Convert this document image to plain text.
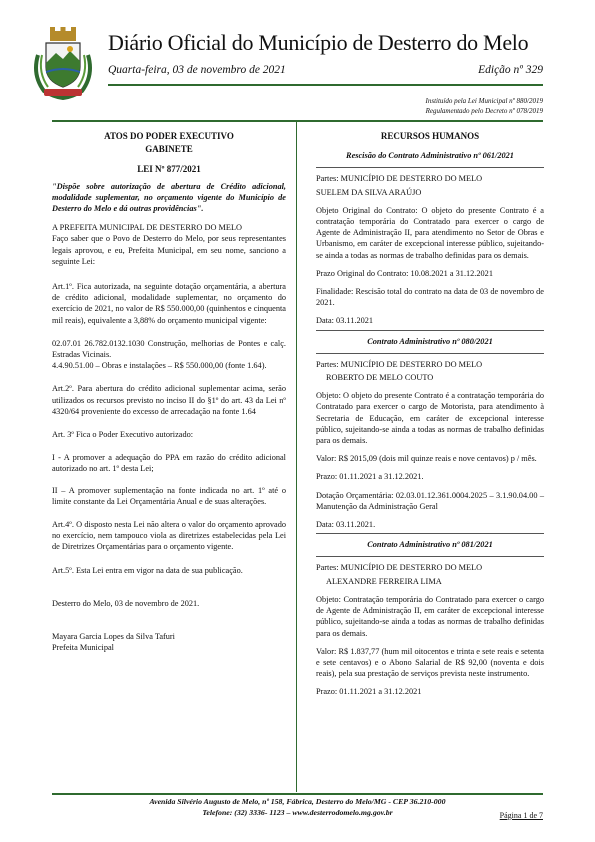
Diário Oficial do Município de Desterro do Melo
Quarta-feira, 03 de novembro de 2021	Edição nº 329
Instituído pela Lei Municipal nº 880/2019
Regulamentado pelo Decreto nº 078/2019
ATOS DO PODER EXECUTIVO
GABINETE
LEI Nº 877/2021

"Dispõe sobre autorização de abertura de Crédito adicional, modalidade suplementar, no orçamento vigente do Município de Desterro do Melo e dá outras providências".

A PREFEITA MUNICIPAL DE DESTERRO DO MELO

Faço saber que o Povo de Desterro do Melo, por seus representantes legais aprovou, e eu, Prefeita Municipal, em seu nome, sanciono a seguinte Lei:

Art.1º. Fica autorizada, na seguinte dotação orçamentária, a abertura de crédito adicional, modalidade suplementar, no orçamento do exercício de 2021, no valor de R$ 550.000,00 (quinhentos e cinquenta mil reais), equivalente a 3,88% do orçamento municipal vigente:

02.07.01 26.782.0132.1030 Construção, melhorias de Pontes e calç. Estradas Vicinais.

4.4.90.51.00 – Obras e instalações – R$ 550.000,00 (fonte 1.64).

Art.2º. Para abertura do crédito adicional suplementar acima, serão utilizados os recursos previsto no inciso II do §1º do art. 43 da Lei nº 4320/64 proveniente do excesso de arrecadação na fonte 1.64

Art. 3º Fica o Poder Executivo autorizado:

I - A promover a adequação do PPA em razão do crédito adicional autorizado no art. 1º desta Lei;

II – A promover suplementação na fonte indicada no art. 1º até o limite constante da Lei Orçamentária Anual e de suas alterações.

Art.4º. O disposto nesta Lei não altera o valor do orçamento aprovado no exercício, nem tampouco viola as diretrizes estabelecidas pela Lei de Diretrizes Orçamentárias para o orçamento vigente.

Art.5º. Esta Lei entra em vigor na data de sua publicação.

Desterro do Melo, 03 de novembro de 2021.

Mayara Garcia Lopes da Silva Tafuri

Prefeita Municipal

RECURSOS HUMANOS
Rescisão do Contrato Administrativo nº 061/2021

Partes: MUNICÍPIO DE DESTERRO DO MELO

SUELEM DA SILVA ARAÚJO

Objeto Original do Contrato: O objeto do presente Contrato é a contratação temporária do Contratado para exercer o cargo de Agente de Administração II, para atendimento no Setor de Obras e Urbanismo, em caráter de excepcional interesse público, sujeitando-se ainda a todas as normas de trabalho definidas para os demais.

Prazo Original do Contrato: 10.08.2021 a 31.12.2021

Finalidade: Rescisão total do contrato na data de 03 de novembro de 2021.

Data: 03.11.2021

Contrato Administrativo nº 080/2021

Partes: MUNICÍPIO DE DESTERRO DO MELO

ROBERTO DE MELO COUTO

Objeto: O objeto do presente Contrato é a contratação temporária do Contratado para exercer o cargo de Motorista, para atendimento à Secretaria de Educação, em caráter de excepcional interesse público, sujeitando-se ainda a todas as normas de trabalho definidas para os demais.

Valor: R$ 2015,09 (dois mil quinze reais e nove centavos) p / mês.

Prazo: 01.11.2021 a 31.12.2021.

Dotação Orçamentária: 02.03.01.12.361.0004.2025 – 3.1.90.04.00 – Manutenção da Administração Geral

Data: 03.11.2021.

Contrato Administrativo nº 081/2021

Partes: MUNICÍPIO DE DESTERRO DO MELO

ALEXANDRE FERREIRA LIMA

Objeto: Contratação temporária do Contratado para exercer o cargo de Agente de Administração II, em caráter de excepcional interesse público, sujeitando-se ainda a todas as normas de trabalho definidas para os demais.

Valor: R$ 1.837,77 (hum mil oitocentos e trinta e sete reais e setenta e sete centavos) e o Abono Salarial de R$ 92,00 (noventa e dois reais), pela sua prestação de serviços prevista neste instrumento.

Prazo: 01.11.2021 a 31.12.2021

Avenida Silvério Augusto de Melo, nº 158, Fábrica, Desterro do Melo/MG - CEP 36.210-000
Telefone: (32) 3336- 1123 – www.desterrodomelo.mg.gov.br	Página 1 de 7
